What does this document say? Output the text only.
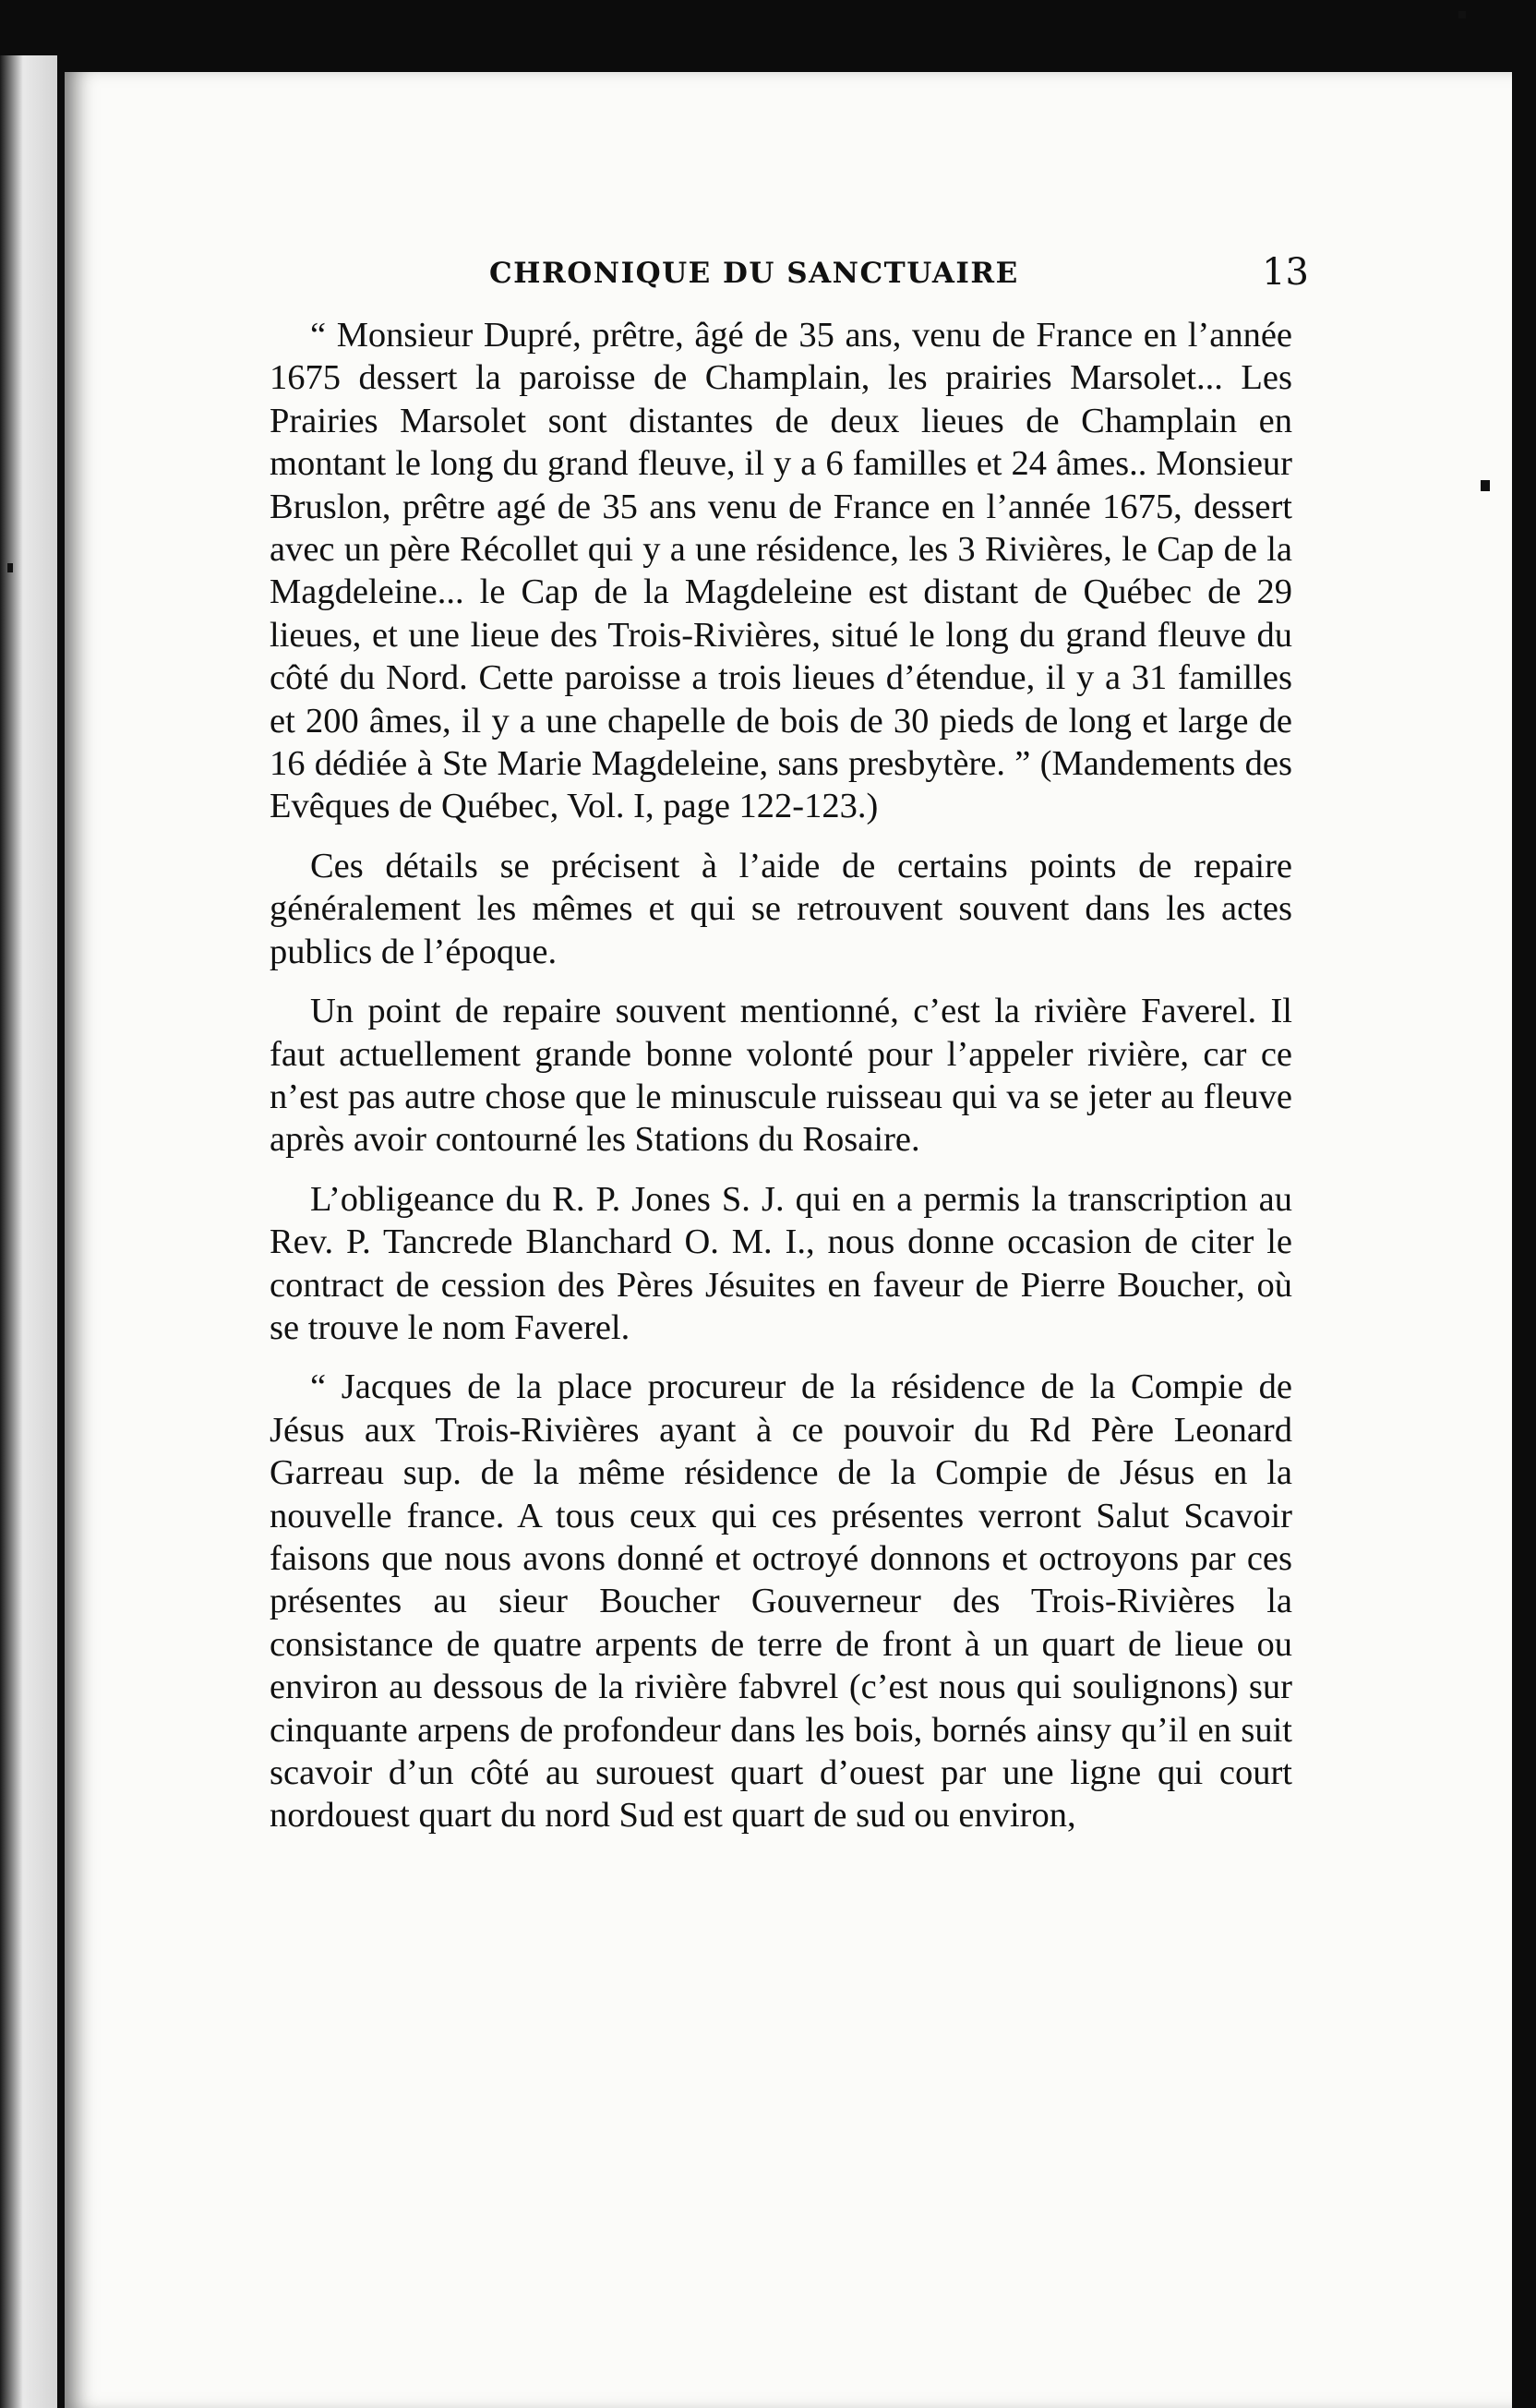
CHRONIQUE DU SANCTUAIRE	13

“ Monsieur Dupré, prêtre, âgé de 35 ans, venu de France en l’année 1675 dessert la paroisse de Champlain, les prairies Marsolet... Les Prairies Marsolet sont distantes de deux lieues de Champlain en montant le long du grand fleuve, il y a 6 familles et 24 âmes.. Monsieur Bruslon, prêtre agé de 35 ans venu de France en l’année 1675, dessert avec un père Récollet qui y a une résidence, les 3 Rivières, le Cap de la Magdeleine... le Cap de la Magdeleine est distant de Québec de 29 lieues, et une lieue des Trois-Rivières, situé le long du grand fleuve du côté du Nord. Cette paroisse a trois lieues d’étendue, il y a 31 familles et 200 âmes, il y a une chapelle de bois de 30 pieds de long et large de 16 dédiée à Ste Marie Magdeleine, sans presbytère. ” (Mandements des Evêques de Québec, Vol. I, page 122-123.)

Ces détails se précisent à l’aide de certains points de repaire généralement les mêmes et qui se retrouvent souvent dans les actes publics de l’époque.

Un point de repaire souvent mentionné, c’est la rivière Faverel. Il faut actuellement grande bonne volonté pour l’appeler rivière, car ce n’est pas autre chose que le minuscule ruisseau qui va se jeter au fleuve après avoir contourné les Stations du Rosaire.

L’obligeance du R. P. Jones S. J. qui en a permis la transcription au Rev. P. Tancrede Blanchard O. M. I., nous donne occasion de citer le contract de cession des Pères Jésuites en faveur de Pierre Boucher, où se trouve le nom Faverel.

“ Jacques de la place procureur de la résidence de la Compie de Jésus aux Trois-Rivières ayant à ce pouvoir du Rd Père Leonard Garreau sup. de la même résidence de la Compie de Jésus en la nouvelle france. A tous ceux qui ces présentes verront Salut Scavoir faisons que nous avons donné et octroyé donnons et octroyons par ces présentes au sieur Boucher Gouverneur des Trois-Rivières la consistance de quatre arpents de terre de front à un quart de lieue ou environ au dessous de la rivière fabvrel (c’est nous qui soulignons) sur cinquante arpens de profondeur dans les bois, bornés ainsy qu’il en suit scavoir d’un côté au surouest quart d’ouest par une ligne qui court nordouest quart du nord Sud est quart de sud ou environ,
